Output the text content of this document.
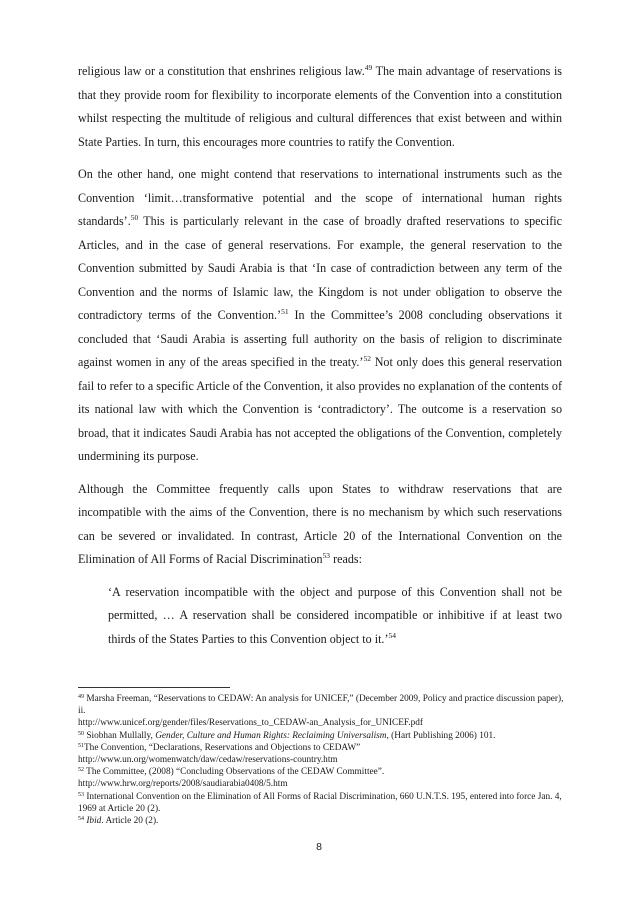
religious law or a constitution that enshrines religious law.$^{49}$ The main advantage of reservations is that they provide room for flexibility to incorporate elements of the Convention into a constitution whilst respecting the multitude of religious and cultural differences that exist between and within State Parties. In turn, this encourages more countries to ratify the Convention.

On the other hand, one might contend that reservations to international instruments such as the Convention ‘limit…transformative potential and the scope of international human rights standards’.$^{50}$ This is particularly relevant in the case of broadly drafted reservations to specific Articles, and in the case of general reservations. For example, the general reservation to the Convention submitted by Saudi Arabia is that ‘In case of contradiction between any term of the Convention and the norms of Islamic law, the Kingdom is not under obligation to observe the contradictory terms of the Convention.’$^{51}$ In the Committee’s 2008 concluding observations it concluded that ‘Saudi Arabia is asserting full authority on the basis of religion to discriminate against women in any of the areas specified in the treaty.’$^{52}$ Not only does this general reservation fail to refer to a specific Article of the Convention, it also provides no explanation of the contents of its national law with which the Convention is ‘contradictory’. The outcome is a reservation so broad, that it indicates Saudi Arabia has not accepted the obligations of the Convention, completely undermining its purpose.

Although the Committee frequently calls upon States to withdraw reservations that are incompatible with the aims of the Convention, there is no mechanism by which such reservations can be severed or invalidated. In contrast, Article 20 of the International Convention on the Elimination of All Forms of Racial Discrimination$^{53}$ reads:

‘A reservation incompatible with the object and purpose of this Convention shall not be permitted, … A reservation shall be considered incompatible or inhibitive if at least two thirds of the States Parties to this Convention object to it.’$^{54}$

$^{49}$ Marsha Freeman, “Reservations to CEDAW: An analysis for UNICEF,” (December 2009, Policy and practice discussion paper), ii.

http://www.unicef.org/gender/files/Reservations_to_CEDAW-an_Analysis_for_UNICEF.pdf

$^{50}$ Siobhan Mullally, Gender, Culture and Human Rights: Reclaiming Universalism, (Hart Publishing 2006) 101.

$^{51}$The Convention, “Declarations, Reservations and Objections to CEDAW”

http://www.un.org/womenwatch/daw/cedaw/reservations-country.htm

$^{52}$ The Committee, (2008) “Concluding Observations of the CEDAW Committee”.

http://www.hrw.org/reports/2008/saudiarabia0408/5.htm

$^{53}$ International Convention on the Elimination of All Forms of Racial Discrimination, 660 U.N.T.S. 195, entered into force Jan. 4, 1969 at Article 20 (2).

$^{54}$ Ibid. Article 20 (2).

8
